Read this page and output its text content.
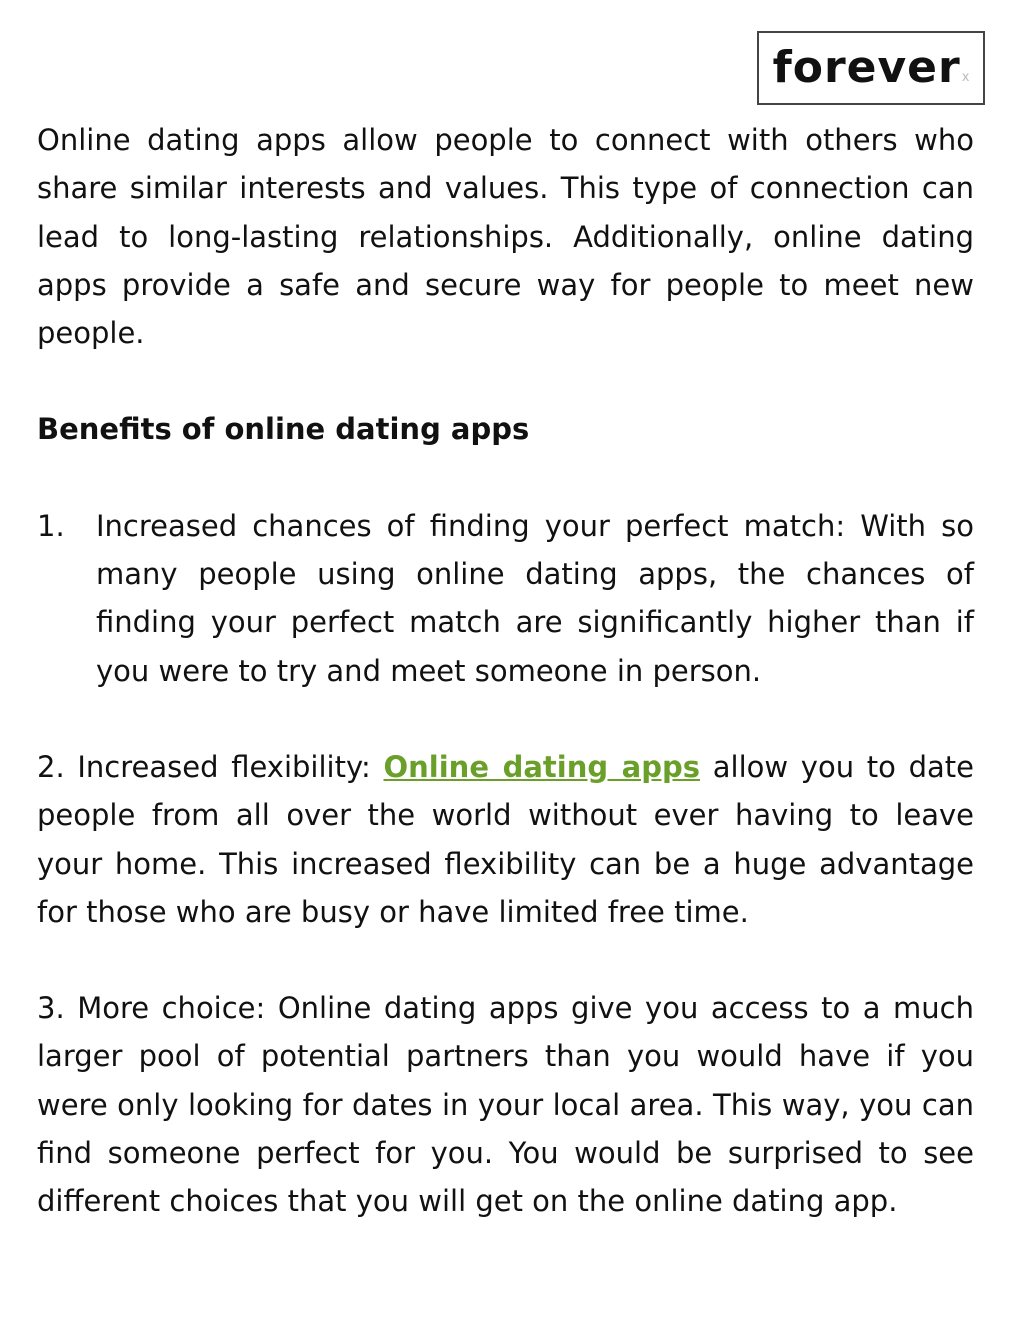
forever x

Online dating apps allow people to connect with others who share similar interests and values. This type of connection can lead to long-lasting relationships. Additionally, online dating apps provide a safe and secure way for people to meet new people.

Benefits of online dating apps

1.	Increased chances of finding your perfect match: With so many people using online dating apps, the chances of finding your perfect match are significantly higher than if you were to try and meet someone in person.

2. Increased flexibility: Online dating apps allow you to date people from all over the world without ever having to leave your home. This increased flexibility can be a huge advantage for those who are busy or have limited free time.

3. More choice: Online dating apps give you access to a much larger pool of potential partners than you would have if you were only looking for dates in your local area. This way, you can find someone perfect for you. You would be surprised to see different choices that you will get on the online dating app.
